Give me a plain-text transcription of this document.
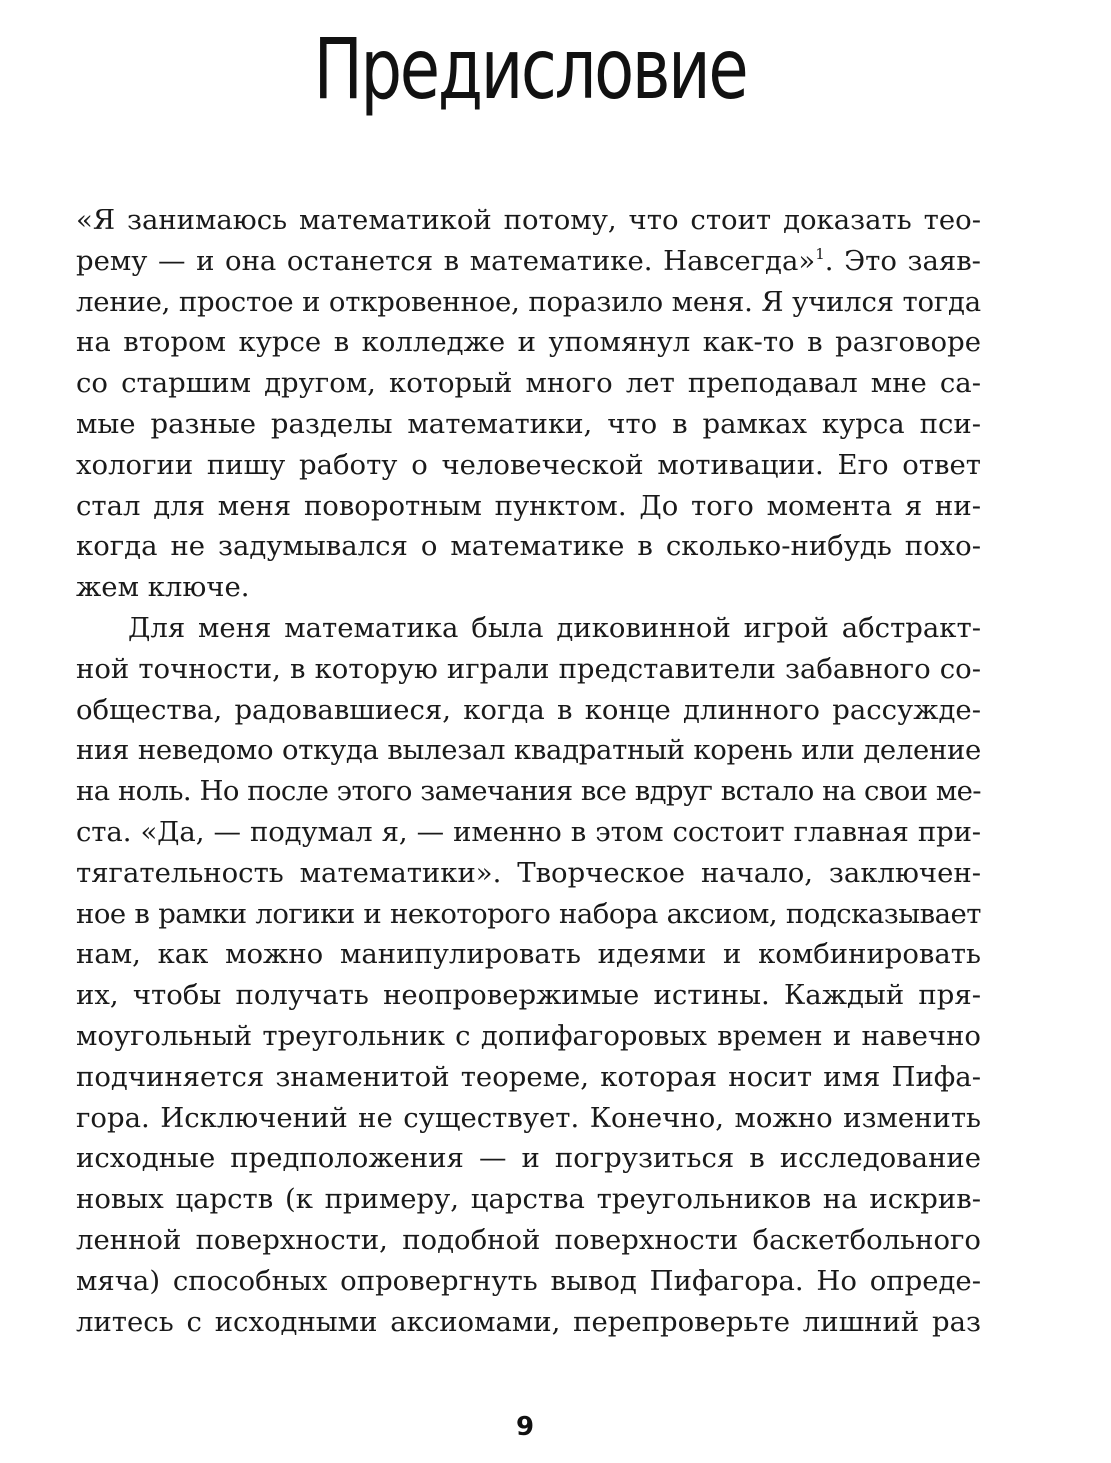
Предисловие
«Я занимаюсь математикой потому, что стоит доказать тео-
рему — и она останется в математике. Навсегда»$^1$. Это заяв-
ление, простое и откровенное, поразило меня. Я учился тогда
на втором курсе в колледже и упомянул как-то в разговоре
со старшим другом, который много лет преподавал мне са-
мые разные разделы математики, что в рамках курса пси-
хологии пишу работу о человеческой мотивации. Его ответ
стал для меня поворотным пунктом. До того момента я ни-
когда не задумывался о математике в сколько-нибудь похо-
жем ключе.
Для меня математика была диковинной игрой абстракт-
ной точности, в которую играли представители забавного со-
общества, радовавшиеся, когда в конце длинного рассужде-
ния неведомо откуда вылезал квадратный корень или деление
на ноль. Но после этого замечания все вдруг встало на свои ме-
ста. «Да, — подумал я, — именно в этом состоит главная при-
тягательность математики». Творческое начало, заключен-
ное в рамки логики и некоторого набора аксиом, подсказывает
нам, как можно манипулировать идеями и комбинировать
их, чтобы получать неопровержимые истины. Каждый пря-
моугольный треугольник с допифагоровых времен и навечно
подчиняется знаменитой теореме, которая носит имя Пифа-
гора. Исключений не существует. Конечно, можно изменить
исходные предположения — и погрузиться в исследование
новых царств (к примеру, царства треугольников на искрив-
ленной поверхности, подобной поверхности баскетбольного
мяча) способных опровергнуть вывод Пифагора. Но опреде-
литесь с исходными аксиомами, перепроверьте лишний раз
9
